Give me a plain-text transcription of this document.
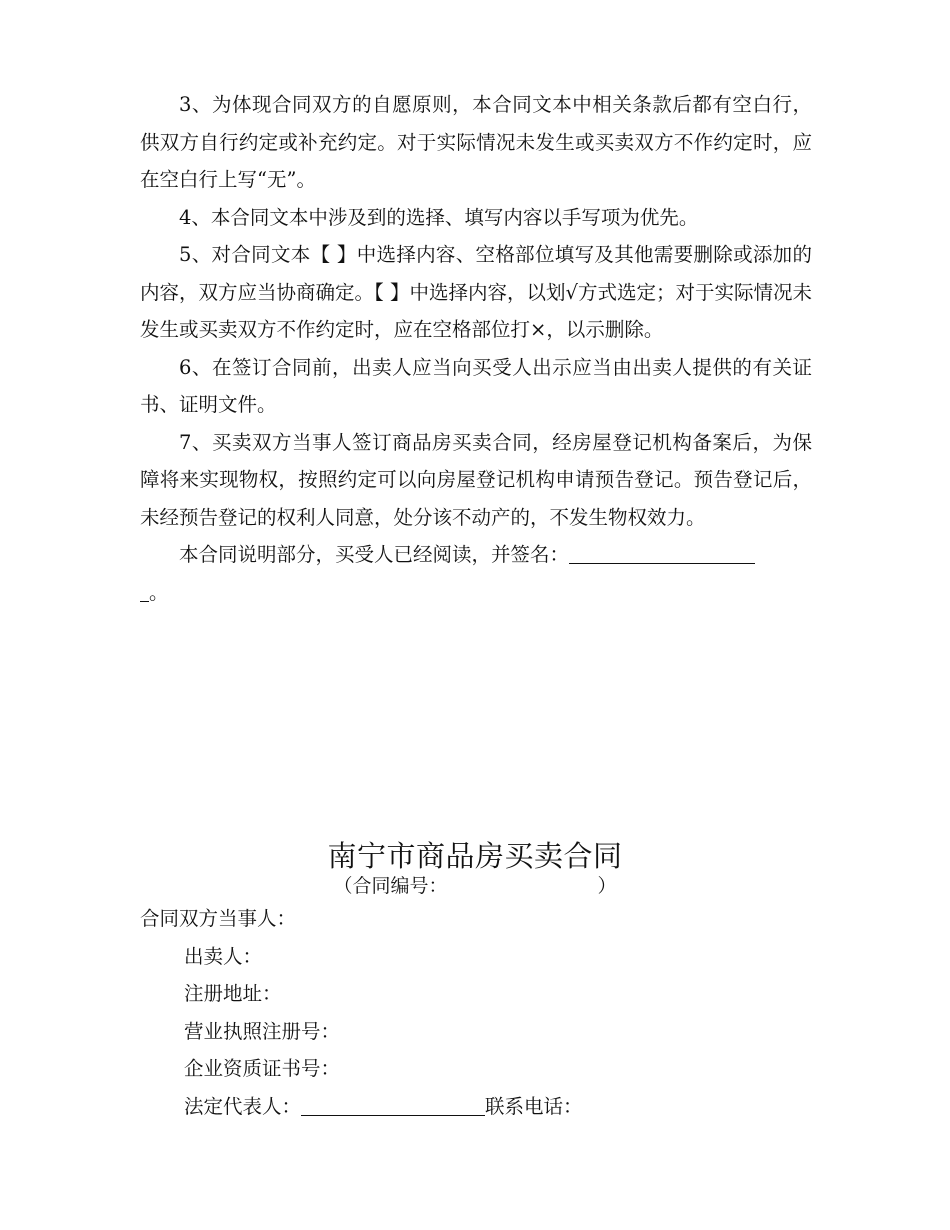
3、为体现合同双方的自愿原则，本合同文本中相关条款后都有空白行，供双方自行约定或补充约定。对于实际情况未发生或买卖双方不作约定时，应在空白行上写“无”。

4、本合同文本中涉及到的选择、填写内容以手写项为优先。

5、对合同文本【 】中选择内容、空格部位填写及其他需要删除或添加的内容，双方应当协商确定。【 】中选择内容，以划√方式选定；对于实际情况未发生或买卖双方不作约定时，应在空格部位打×，以示删除。

6、在签订合同前，出卖人应当向买受人出示应当由出卖人提供的有关证书、证明文件。

7、买卖双方当事人签订商品房买卖合同，经房屋登记机构备案后，为保障将来实现物权，按照约定可以向房屋登记机构申请预告登记。预告登记后，未经预告登记的权利人同意，处分该不动产的，不发生物权效力。

本合同说明部分，买受人已经阅读，并签名：
。

南宁市商品房买卖合同
（合同编号：	）

合同双方当事人：

出卖人：

注册地址：

营业执照注册号：

企业资质证书号：

法定代表人：	联系电话：
